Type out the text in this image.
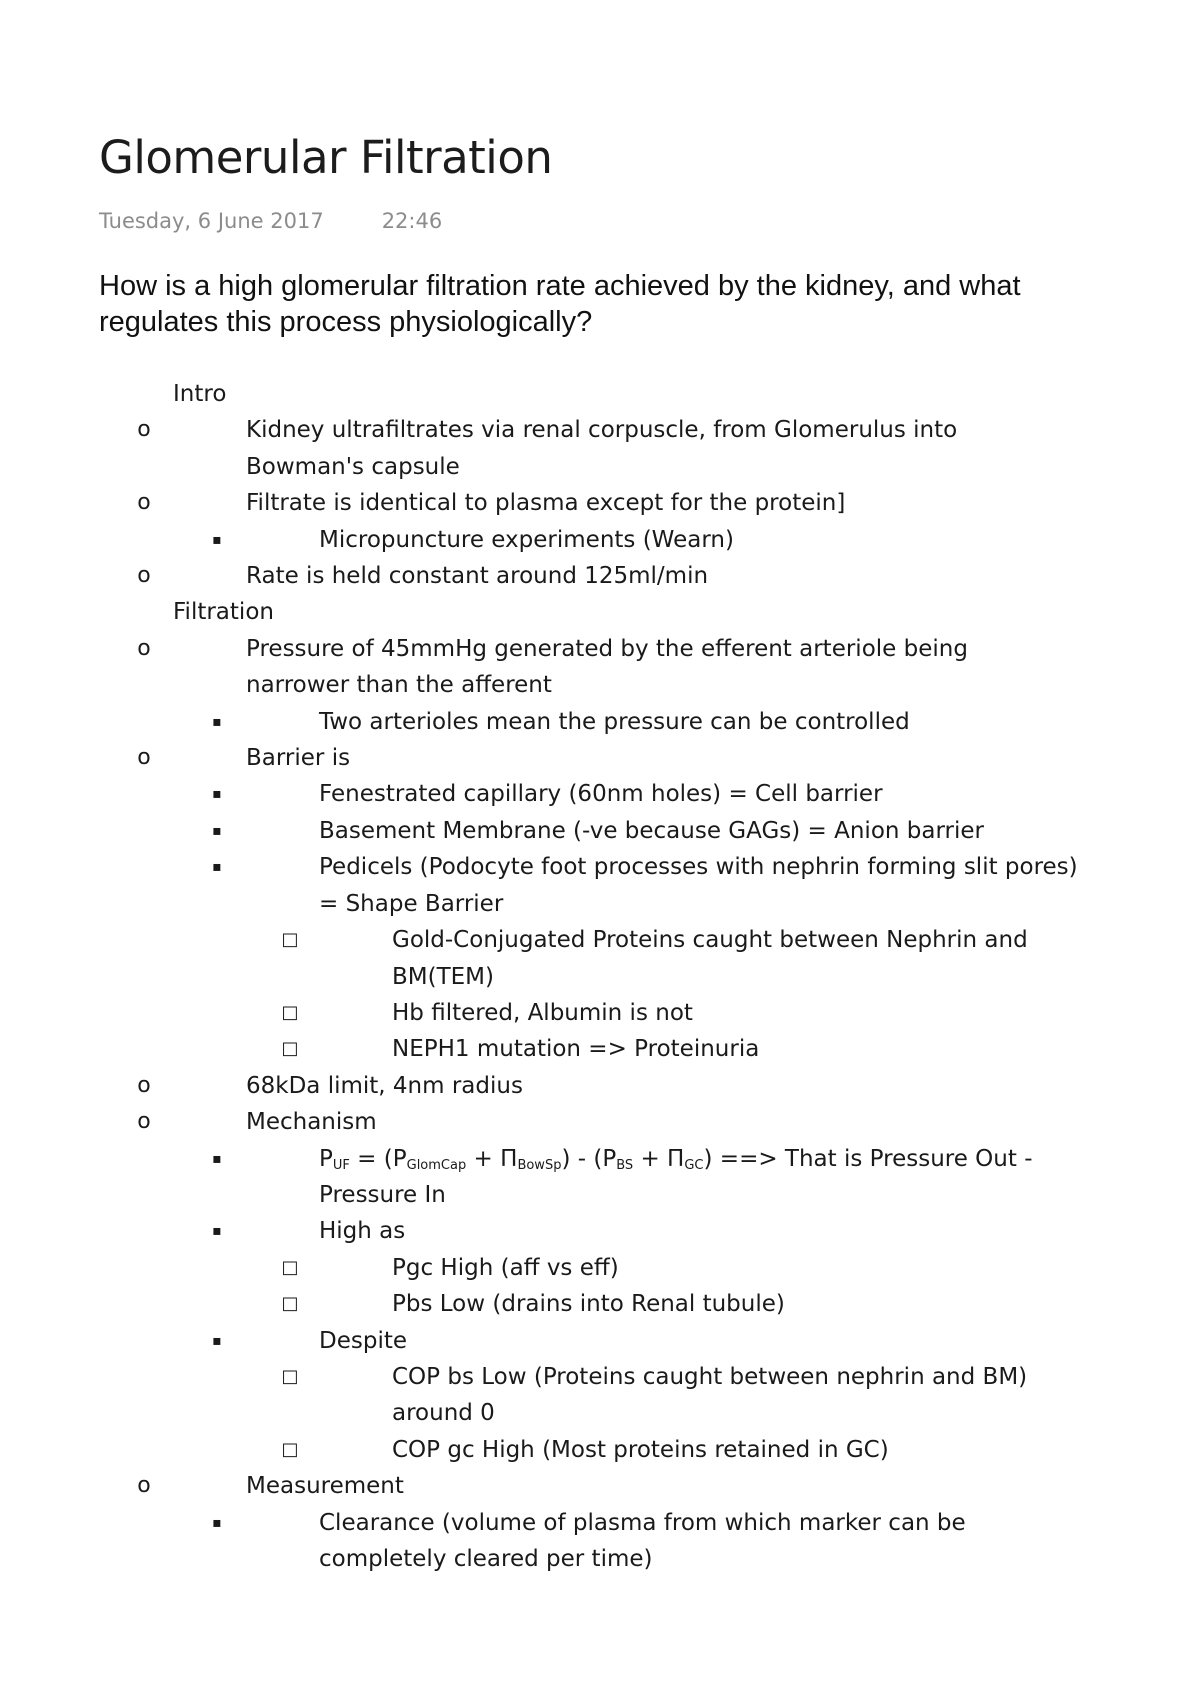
Glomerular Filtration
Tuesday, 6 June 2017	22:46
How is a high glomerular filtration rate achieved by the kidney, and what regulates this process physiologically?
Intro
o	Kidney ultrafiltrates via renal corpuscle, from Glomerulus into Bowman's capsule
o	Filtrate is identical to plasma except for the protein]
▪	Micropuncture experiments (Wearn)
o	Rate is held constant around 125ml/min
Filtration
o	Pressure of 45mmHg generated by the efferent arteriole being narrower than the afferent
▪	Two arterioles mean the pressure can be controlled
o	Barrier is
▪	Fenestrated capillary (60nm holes) = Cell barrier
▪	Basement Membrane (-ve because GAGs) = Anion barrier
▪	Pedicels (Podocyte foot processes with nephrin forming slit pores) = Shape Barrier
□	Gold-Conjugated Proteins caught between Nephrin and BM(TEM)
□	Hb filtered, Albumin is not
□	NEPH1 mutation => Proteinuria
o	68kDa limit, 4nm radius
o	Mechanism
▪	$P_{UF} = (P_{GlomCap} + \Pi_{BowSp}) - (P_{BS} + \Pi_{GC})$ ==> That is Pressure Out - Pressure In
▪	High as
□	Pgc High (aff vs eff)
□	Pbs Low (drains into Renal tubule)
▪	Despite
□	COP bs Low (Proteins caught between nephrin and BM) around 0
□	COP gc High (Most proteins retained in GC)
o	Measurement
▪	Clearance (volume of plasma from which marker can be completely cleared per time)
